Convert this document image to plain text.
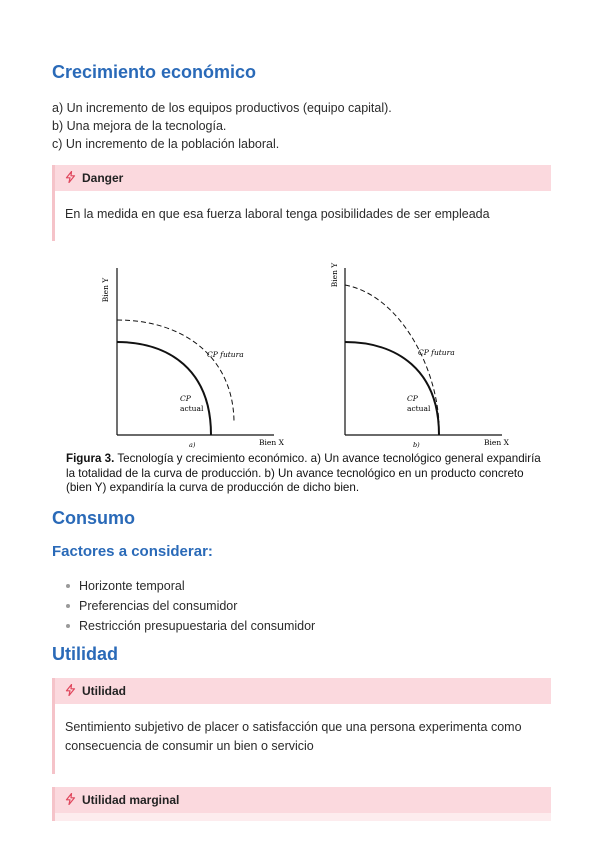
Crecimiento económico
a) Un incremento de los equipos productivos (equipo capital).
b) Una mejora de la tecnología.
c) Un incremento de la población laboral.
Danger
En la medida en que esa fuerza laboral tenga posibilidades de ser empleada
Bien Y
Bien X
CP futura
CP
actual
a)
Bien Y
Bien X
CP futura
CP
actual
b)
Figura 3. Tecnología y crecimiento económico. a) Un avance tecnológico general expandiría la totalidad de la curva de producción. b) Un avance tecnológico en un producto concreto (bien Y) expandiría la curva de producción de dicho bien.
Consumo
Factores a considerar:
Horizonte temporal
Preferencias del consumidor
Restricción presupuestaria del consumidor
Utilidad
Utilidad
Sentimiento subjetivo de placer o satisfacción que una persona experimenta como consecuencia de consumir un bien o servicio
Utilidad marginal
